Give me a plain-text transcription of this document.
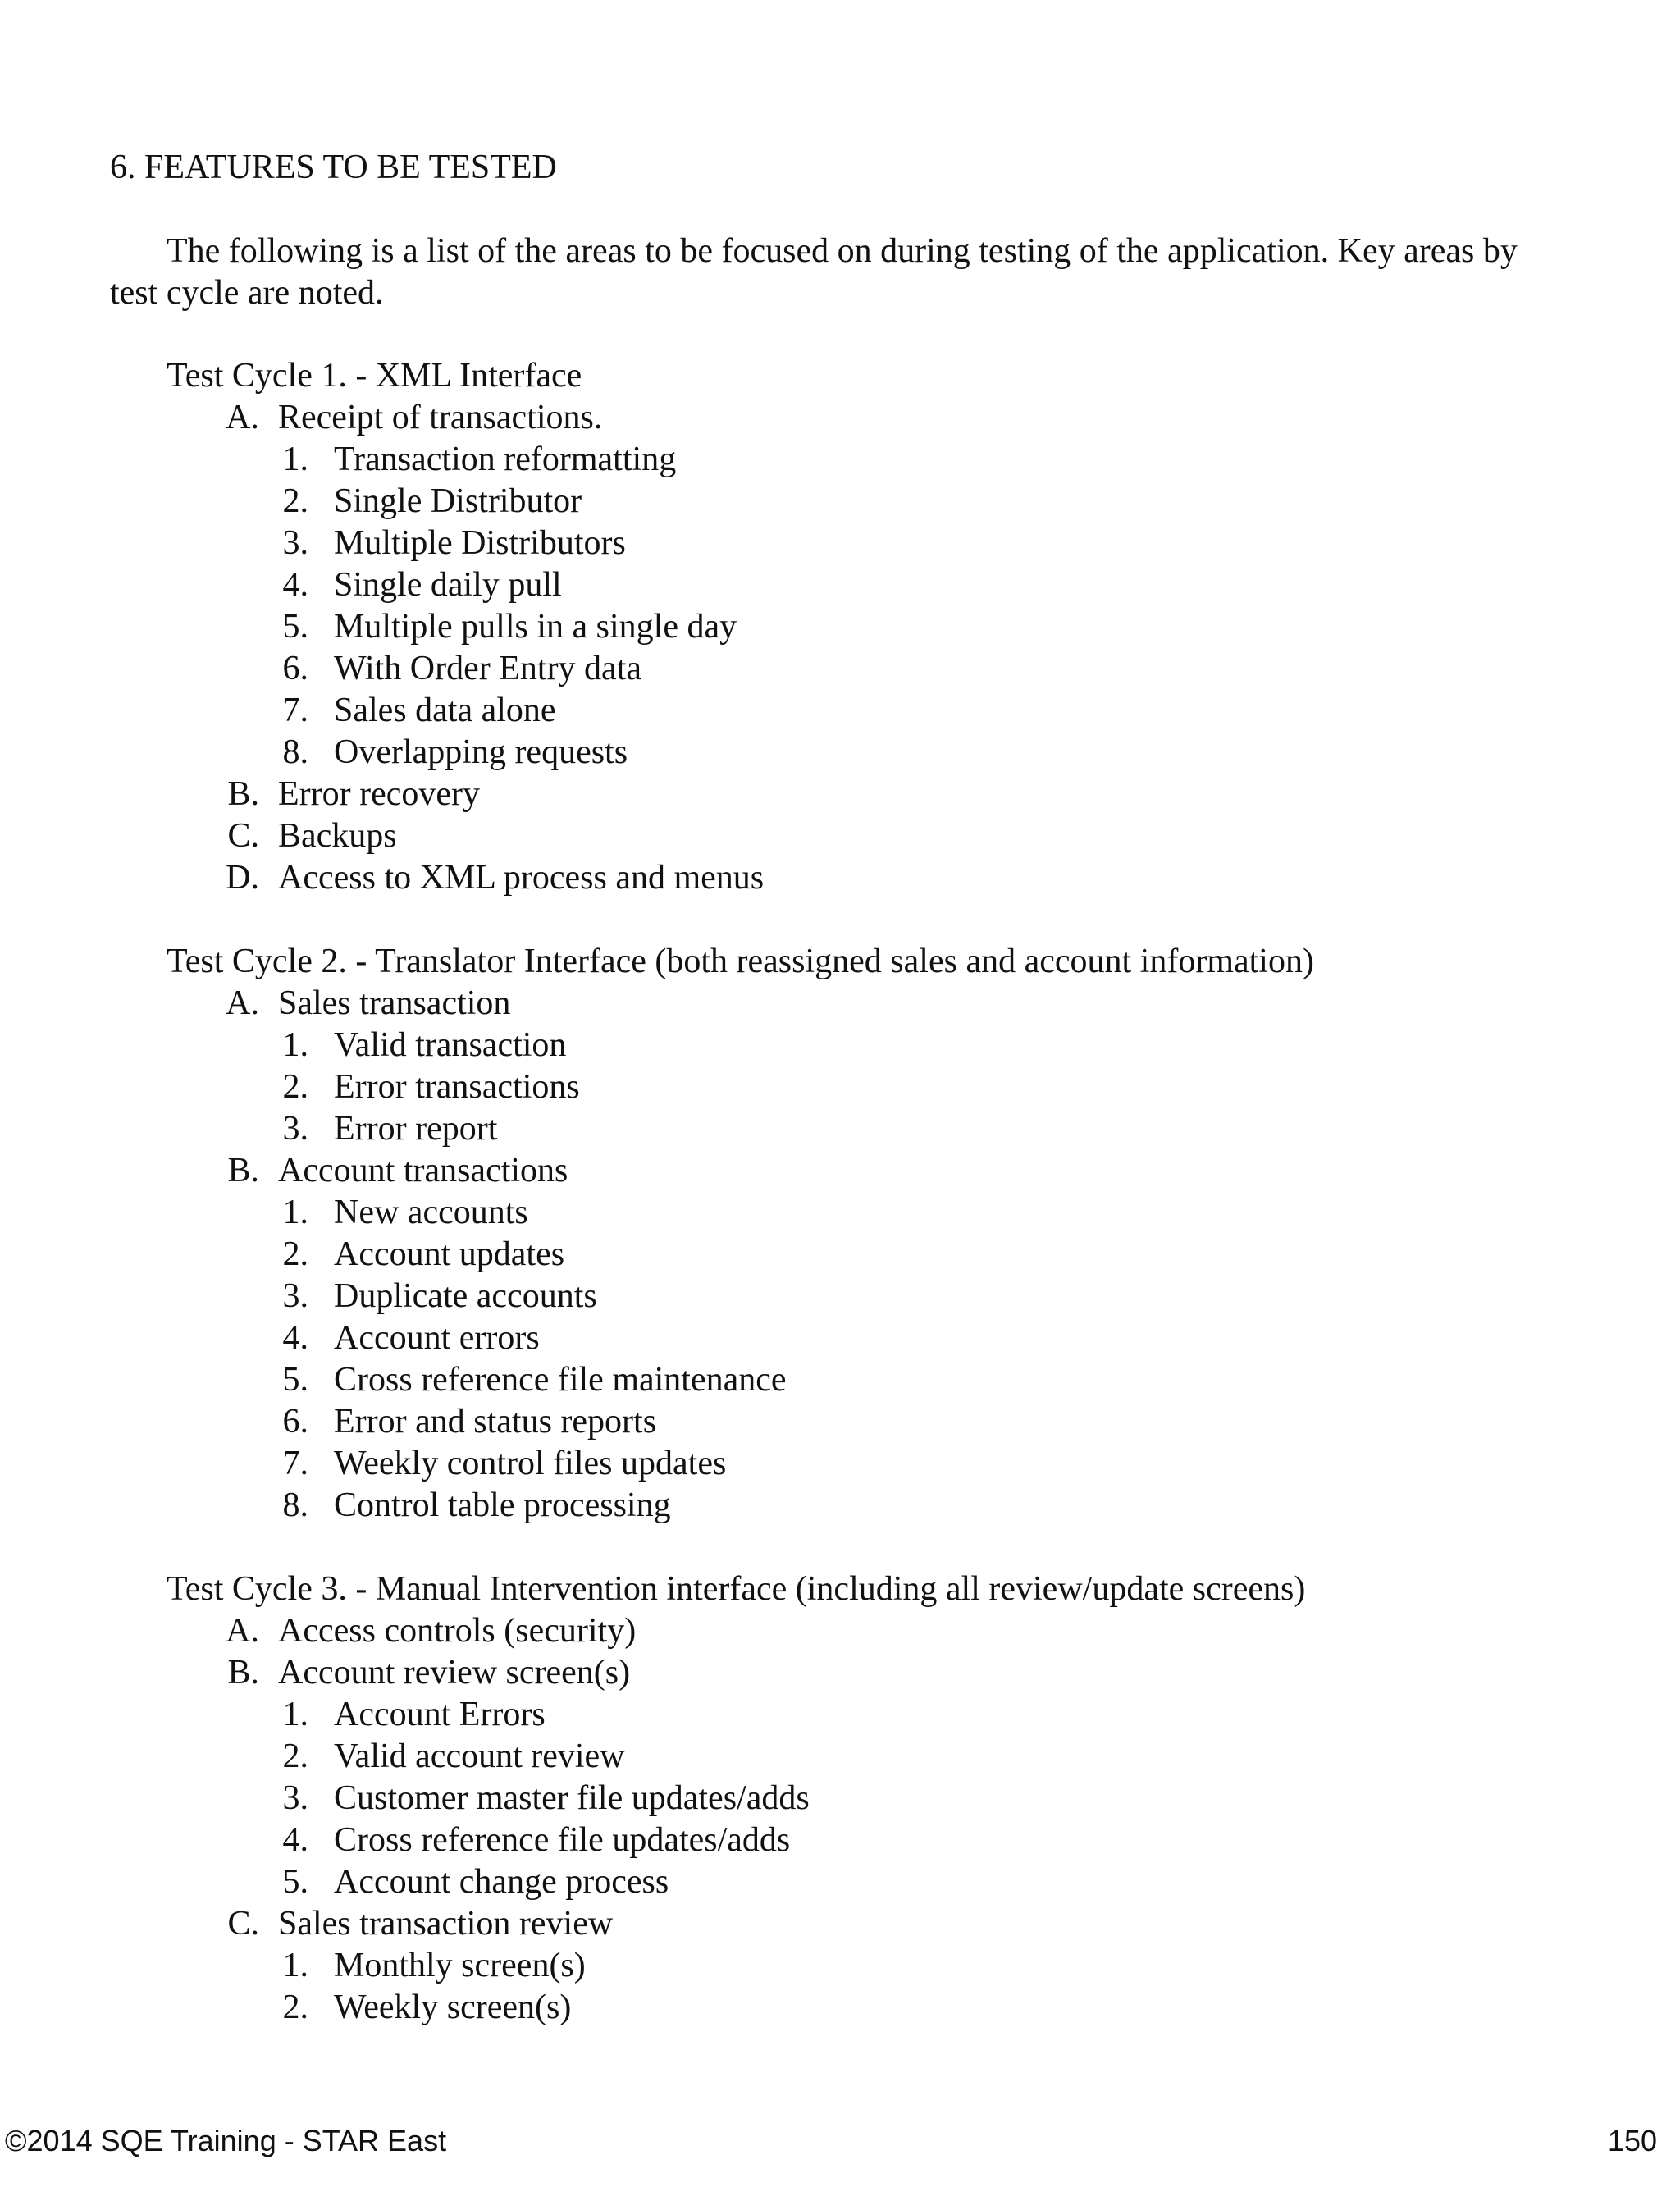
6. FEATURES TO BE TESTED

The following is a list of the areas to be focused on during testing of the application. Key areas by test cycle are noted.

Test Cycle 1. - XML Interface
A. Receipt of transactions.
1. Transaction reformatting
2. Single Distributor
3. Multiple Distributors
4. Single daily pull
5. Multiple pulls in a single day
6. With Order Entry data
7. Sales data alone
8. Overlapping requests
B. Error recovery
C. Backups
D. Access to XML process and menus
Test Cycle 2. - Translator Interface (both reassigned sales and account information)
A. Sales transaction
1. Valid transaction
2. Error transactions
3. Error report
B. Account transactions
1. New accounts
2. Account updates
3. Duplicate accounts
4. Account errors
5. Cross reference file maintenance
6. Error and status reports
7. Weekly control files updates
8. Control table processing
Test Cycle 3. - Manual Intervention interface (including all review/update screens)
A. Access controls (security)
B. Account review screen(s)
1. Account Errors
2. Valid account review
3. Customer master file updates/adds
4. Cross reference file updates/adds
5. Account change process
C. Sales transaction review
1. Monthly screen(s)
2. Weekly screen(s)
©2014 SQE Training - STAR East	150
